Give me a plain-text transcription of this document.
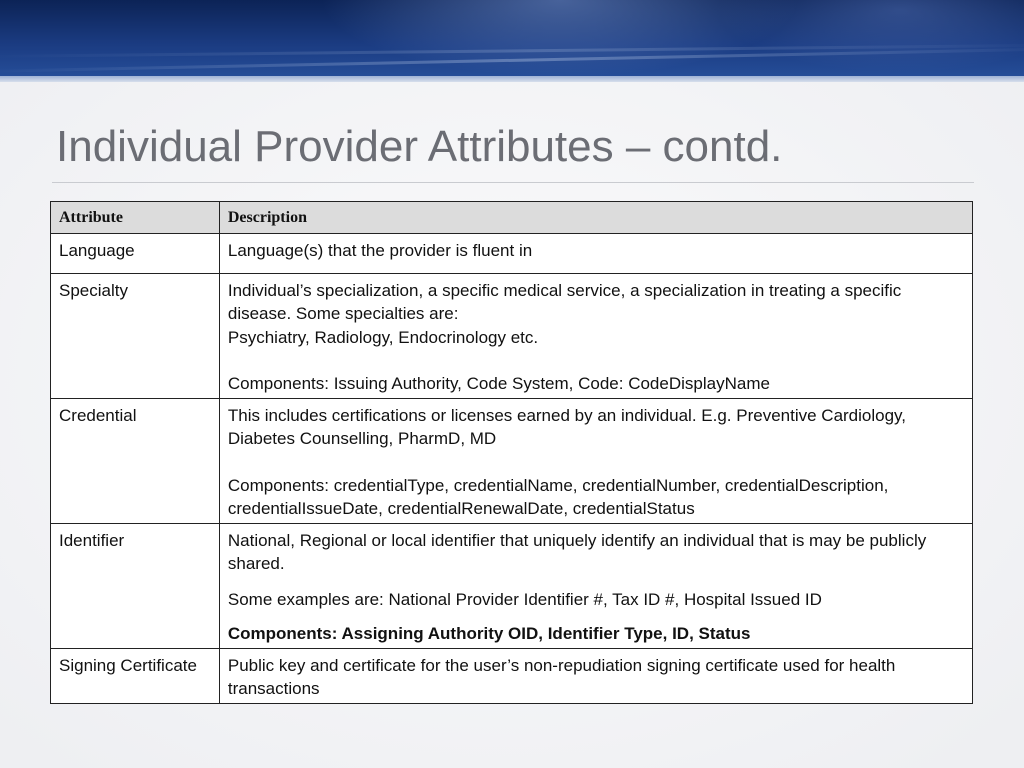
Individual Provider Attributes – contd.
Attribute	Description
Language	Language(s) that the provider is fluent in

Specialty	Individual’s specialization, a specific medical service, a specialization in treating a specific disease. Some specialties are:
Psychiatry, Radiology, Endocrinology etc.
Components: Issuing Authority, Code System, Code: CodeDisplayName

Credential	This includes certifications or licenses earned by an individual. E.g. Preventive Cardiology, Diabetes Counselling, PharmD, MD
Components: credentialType, credentialName, credentialNumber, credentialDescription, credentialIssueDate, credentialRenewalDate, credentialStatus

Identifier	National, Regional or local identifier that uniquely identify an individual that is may be publicly shared.
Some examples are: National Provider Identifier #, Tax ID #, Hospital Issued ID
Components: Assigning Authority OID, Identifier Type, ID, Status

Signing Certificate	Public key and certificate for the user’s non-repudiation signing certificate used for health transactions
